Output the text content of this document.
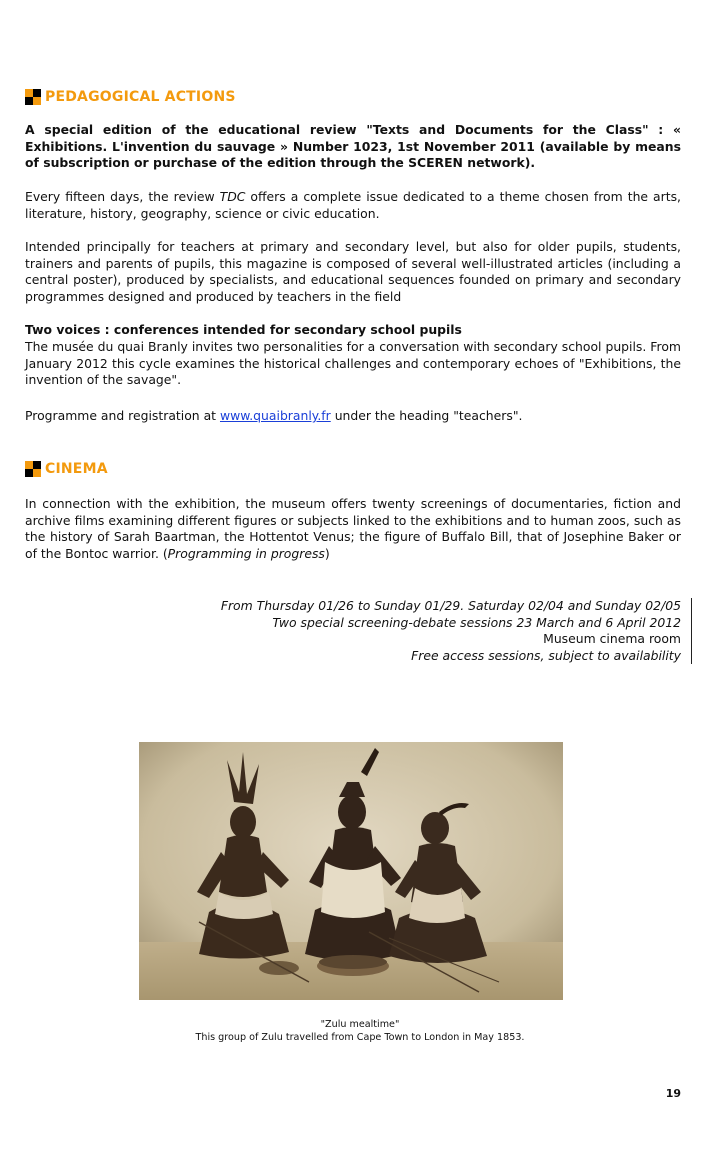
PEDAGOGICAL ACTIONS

A special edition of the educational review "Texts and Documents for the Class" : « Exhibitions. L'invention du sauvage » Number 1023, 1st November 2011 (available by means of subscription or purchase of the edition through the SCEREN network).

Every fifteen days, the review TDC offers a complete issue dedicated to a theme chosen from the arts, literature, history, geography, science or civic education.

Intended principally for teachers at primary and secondary level, but also for older pupils, students, trainers and parents of pupils, this magazine is composed of several well-illustrated articles (including a central poster), produced by specialists, and educational sequences founded on primary and secondary programmes designed and produced by teachers in the field

Two voices : conferences intended for secondary school pupils

The musée du quai Branly invites two personalities for a conversation with secondary school pupils. From January 2012 this cycle examines the historical challenges and contemporary echoes of "Exhibitions, the invention of the savage".

Programme and registration at www.quaibranly.fr under the heading "teachers".

CINEMA

In connection with the exhibition, the museum offers twenty screenings of documentaries, fiction and archive films examining different figures or subjects linked to the exhibitions and to human zoos, such as the history of Sarah Baartman, the Hottentot Venus; the figure of Buffalo Bill, that of Josephine Baker or of the Bontoc warrior. (Programming in progress)

From Thursday 01/26 to Sunday 01/29. Saturday 02/04 and Sunday 02/05
Two special screening-debate sessions 23 March and 6 April 2012
Museum cinema room
Free access sessions, subject to availability
"Zulu mealtime"
This group of Zulu travelled from Cape Town to London in May 1853.
19
